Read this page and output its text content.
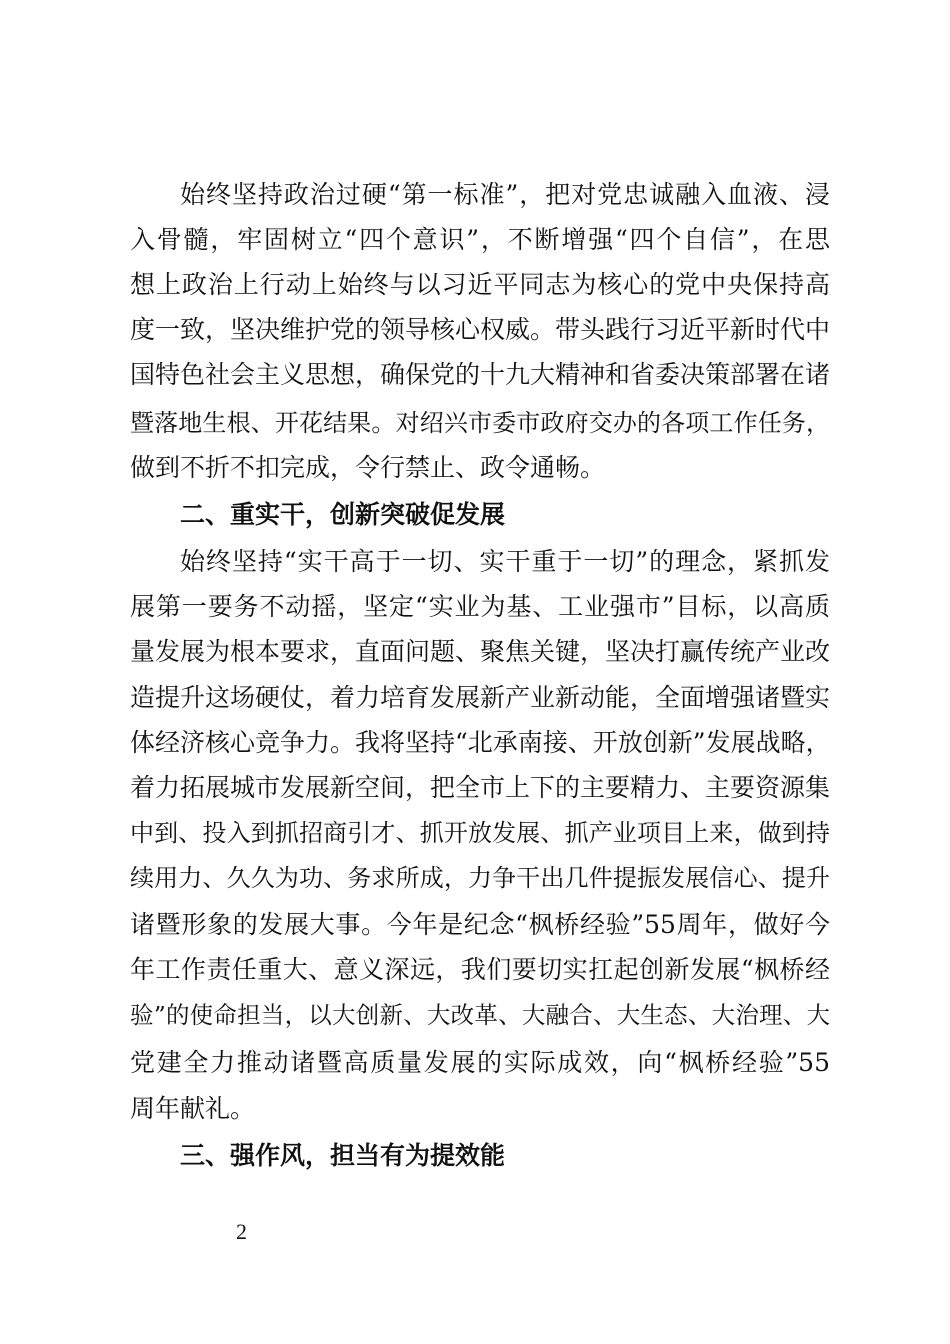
始终坚持政治过硬“第一标准”，把对党忠诚融入血液、浸
入骨髓，牢固树立“四个意识”，不断增强“四个自信”，在思
想上政治上行动上始终与以习近平同志为核心的党中央保持高
度一致，坚决维护党的领导核心权威。带头践行习近平新时代中
国特色社会主义思想，确保党的十九大精神和省委决策部署在诸
暨落地生根、开花结果。对绍兴市委市政府交办的各项工作任务，
做到不折不扣完成，令行禁止、政令通畅。
二、重实干，创新突破促发展
始终坚持“实干高于一切、实干重于一切”的理念，紧抓发
展第一要务不动摇，坚定“实业为基、工业强市”目标，以高质
量发展为根本要求，直面问题、聚焦关键，坚决打赢传统产业改
造提升这场硬仗，着力培育发展新产业新动能，全面增强诸暨实
体经济核心竞争力。我将坚持“北承南接、开放创新”发展战略，
着力拓展城市发展新空间，把全市上下的主要精力、主要资源集
中到、投入到抓招商引才、抓开放发展、抓产业项目上来，做到持
续用力、久久为功、务求所成，力争干出几件提振发展信心、提升
诸暨形象的发展大事。今年是纪念“枫桥经验”55周年，做好今
年工作责任重大、意义深远，我们要切实扛起创新发展“枫桥经
验”的使命担当，以大创新、大改革、大融合、大生态、大治理、大
党建全力推动诸暨高质量发展的实际成效，向“枫桥经验”55
周年献礼。
三、强作风，担当有为提效能
2
